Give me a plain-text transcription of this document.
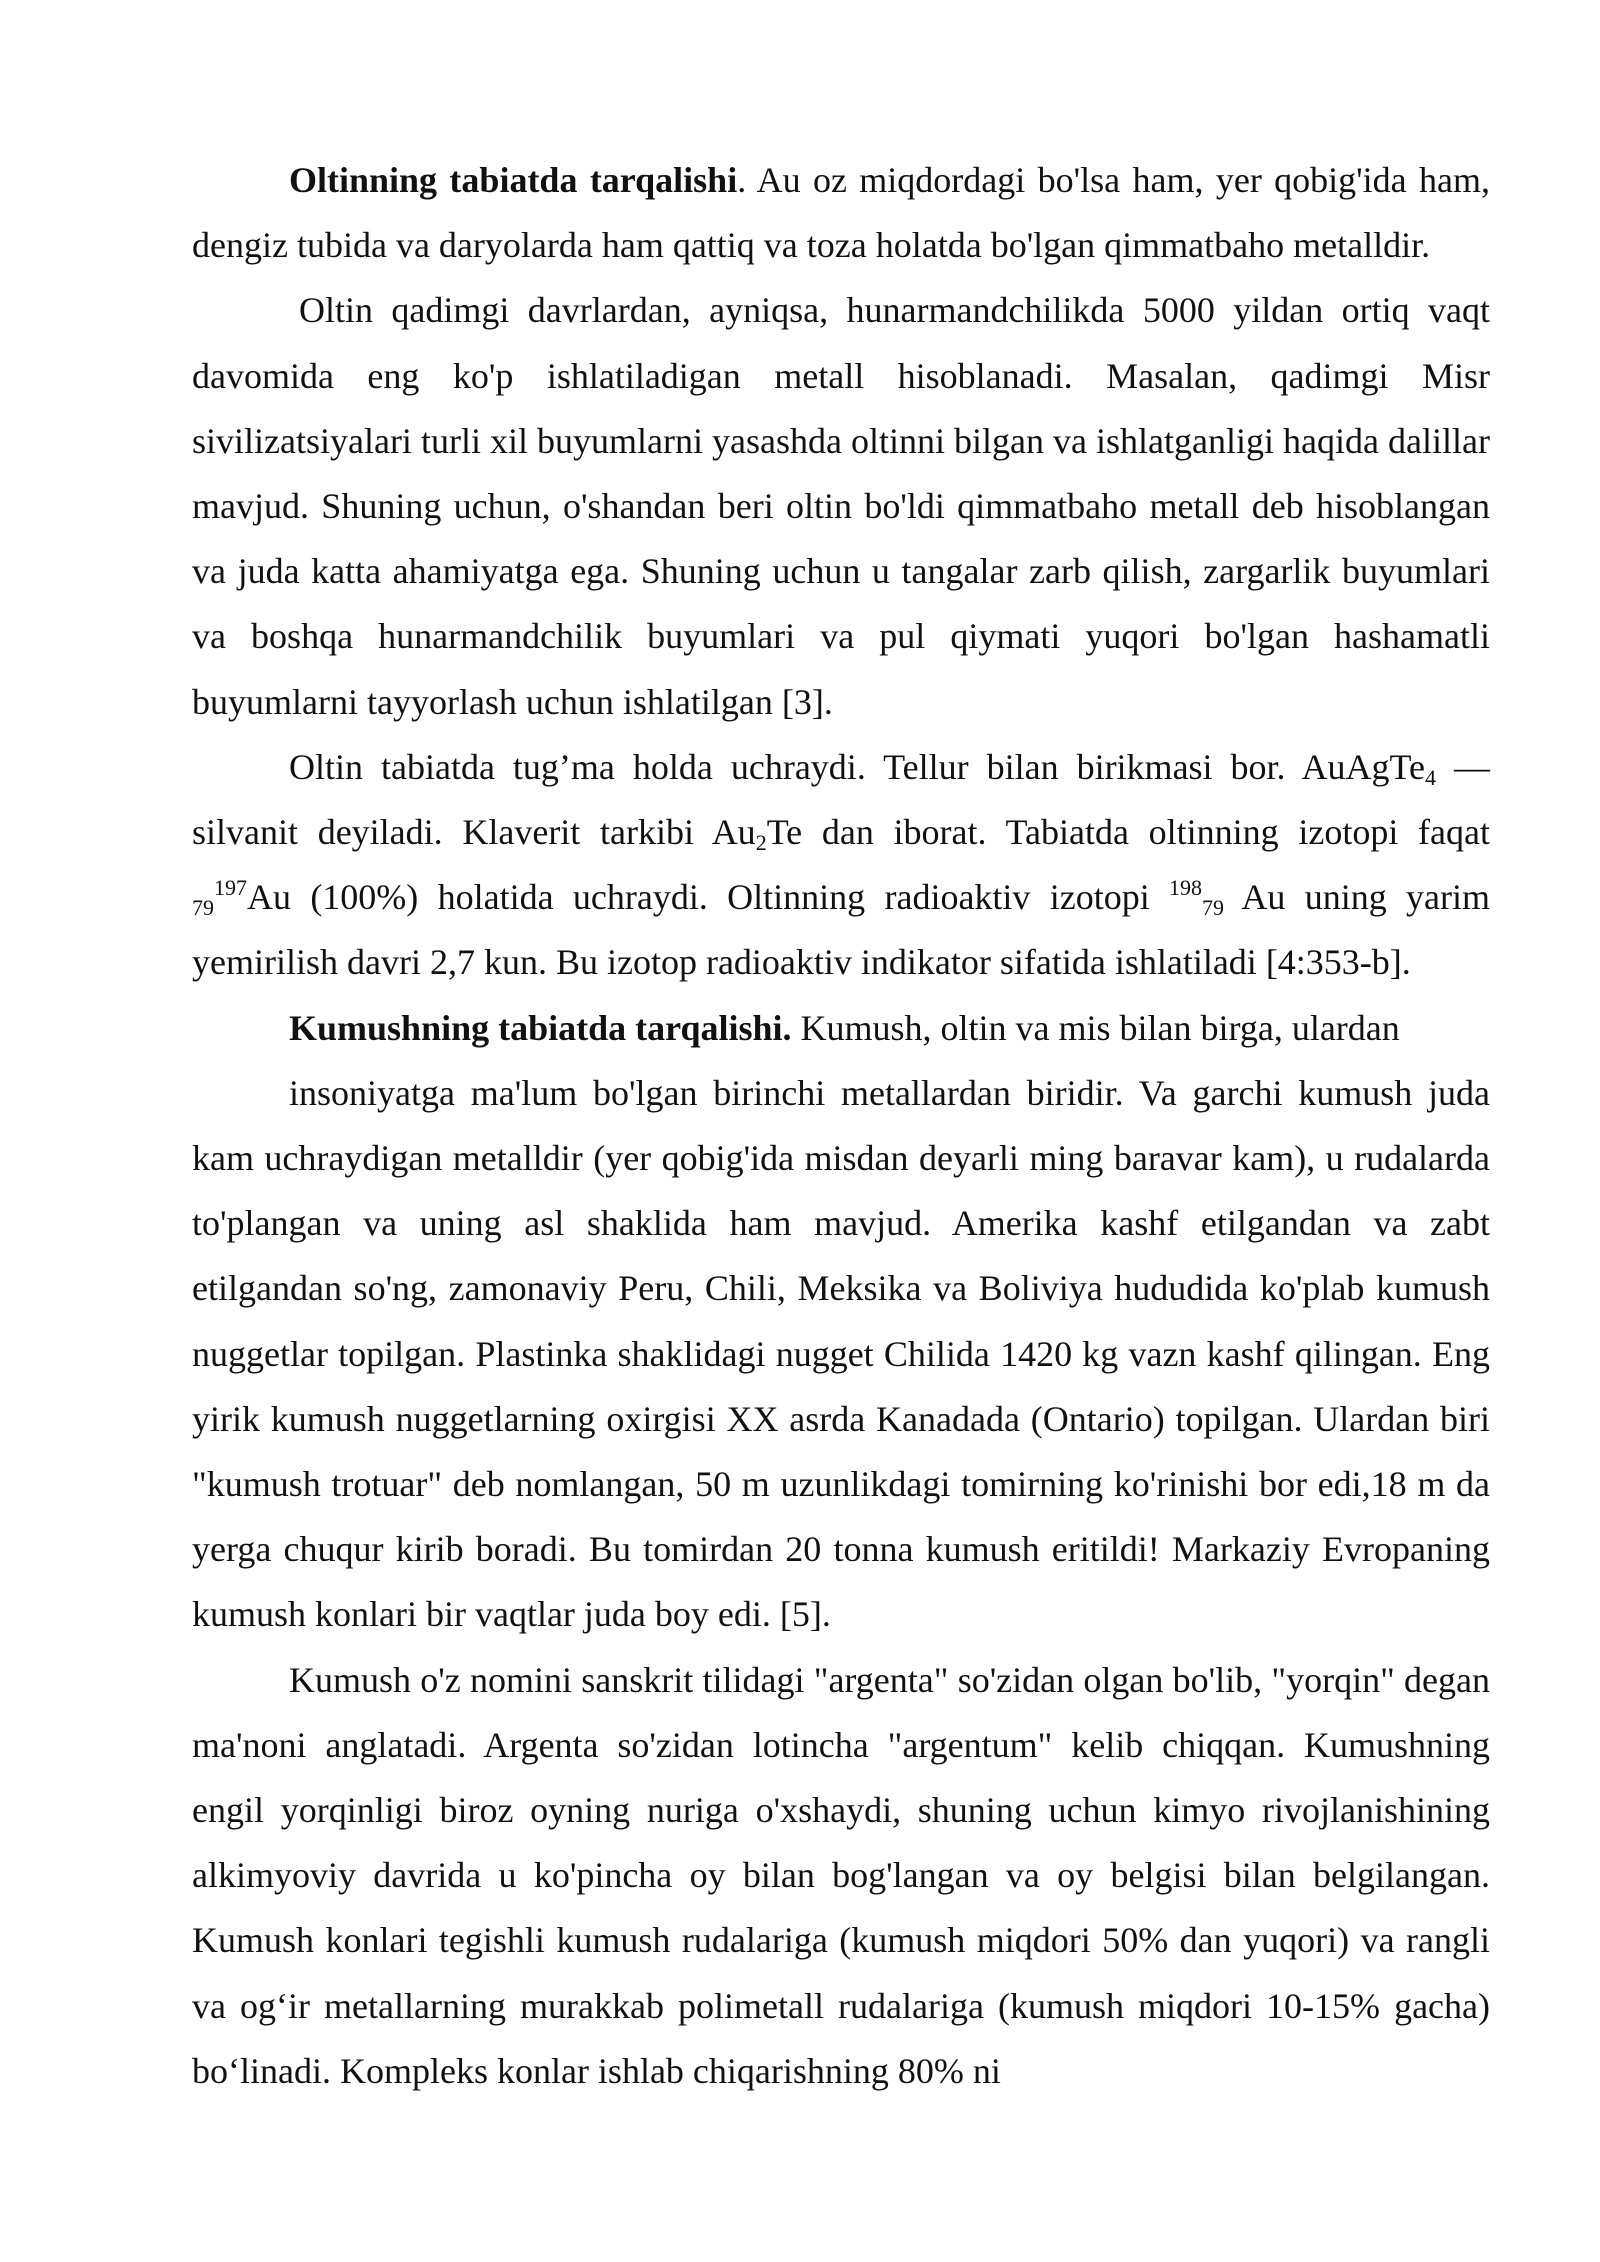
Oltinning tabiatda tarqalishi. Au oz miqdordagi bo'lsa ham, yer qobig'ida ham, dengiz tubida va daryolarda ham qattiq va toza holatda bo'lgan qimmatbaho metalldir.

Oltin qadimgi davrlardan, ayniqsa, hunarmandchilikda 5000 yildan ortiq vaqt davomida eng ko'p ishlatiladigan metall hisoblanadi. Masalan, qadimgi Misr sivilizatsiyalari turli xil buyumlarni yasashda oltinni bilgan va ishlatganligi haqida dalillar mavjud. Shuning uchun, o'shandan beri oltin bo'ldi qimmatbaho metall deb hisoblangan va juda katta ahamiyatga ega. Shuning uchun u tangalar zarb qilish, zargarlik buyumlari va boshqa hunarmandchilik buyumlari va pul qiymati yuqori bo'lgan hashamatli buyumlarni tayyorlash uchun ishlatilgan [3].

Oltin tabiatda tug’ma holda uchraydi. Tellur bilan birikmasi bor. AuAgTe$_4$ — silvanit deyiladi. Klaverit tarkibi $Au_2Te$ dan iborat. Tabiatda oltinning izotopi faqat $_{79}^{197}$Au (100%) holatida uchraydi. Oltinning radioaktiv izotopi $^{198}_{79}$ Au uning yarim yemirilish davri 2,7 kun. Bu izotop radioaktiv indikator sifatida ishlatiladi [4:353-b].

Kumushning tabiatda tarqalishi. Kumush, oltin va mis bilan birga, ulardan

insoniyatga ma'lum bo'lgan birinchi metallardan biridir. Va garchi kumush juda kam uchraydigan metalldir (yer qobig'ida misdan deyarli ming baravar kam), u rudalarda to'plangan va uning asl shaklida ham mavjud. Amerika kashf etilgandan va zabt etilgandan so'ng, zamonaviy Peru, Chili, Meksika va Boliviya hududida ko'plab kumush nuggetlar topilgan. Plastinka shaklidagi nugget Chilida 1420 kg vazn kashf qilingan. Eng yirik kumush nuggetlarning oxirgisi XX asrda Kanadada (Ontario) topilgan. Ulardan biri "kumush trotuar" deb nomlangan, 50 m uzunlikdagi tomirning ko'rinishi bor edi,18 m da yerga chuqur kirib boradi. Bu tomirdan 20 tonna kumush eritildi! Markaziy Evropaning kumush konlari bir vaqtlar juda boy edi. [5].

Kumush o'z nomini sanskrit tilidagi "argenta" so'zidan olgan bo'lib, "yorqin" degan ma'noni anglatadi. Argenta so'zidan lotincha "argentum" kelib chiqqan. Kumushning engil yorqinligi biroz oyning nuriga o'xshaydi, shuning uchun kimyo rivojlanishining alkimyoviy davrida u ko'pincha oy bilan bog'langan va oy belgisi bilan belgilangan. Kumush konlari tegishli kumush rudalariga (kumush miqdori 50% dan yuqori) va rangli va og‘ir metallarning murakkab polimetall rudalariga (kumush miqdori 10-15% gacha) bo‘linadi. Kompleks konlar ishlab chiqarishning 80% ni
